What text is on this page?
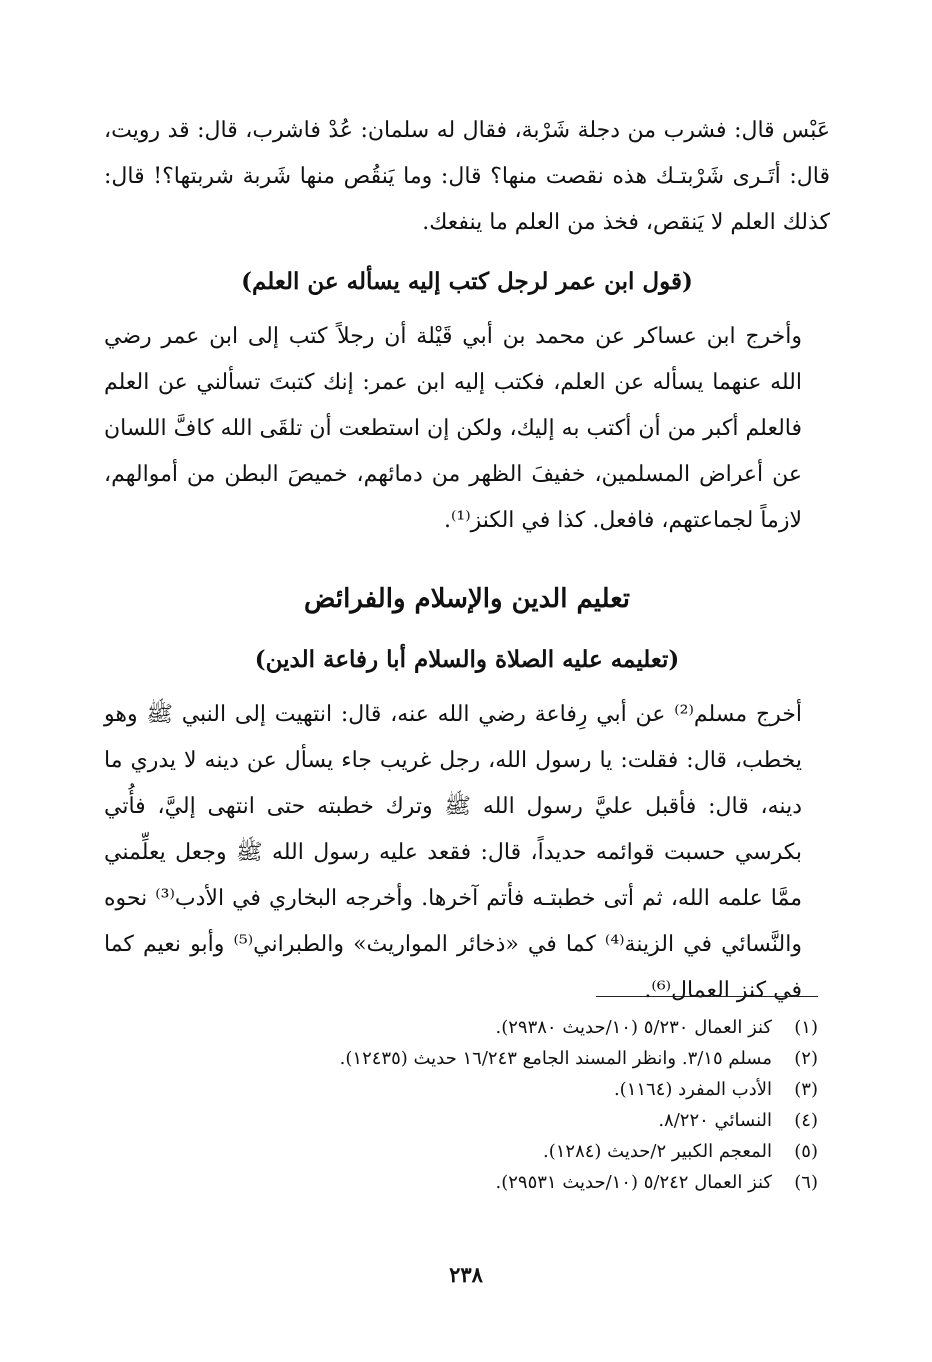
عَبْس قال: فشرب من دجلة شَرْبة، فقال له سلمان: عُدْ فاشرب، قال: قد رويت، قال: أتَـرى شَرْبتـك هذه نقصت منها؟ قال: وما يَنقُص منها شَربة شربتها؟! قال: كذلك العلم لا يَنقص، فخذ من العلم ما ينفعك.

(قول ابن عمر لرجل كتب إليه يسأله عن العلم)

وأخرج ابن عساكر عن محمد بن أبي قَيْلة أن رجلاً كتب إلى ابن عمر رضي الله عنهما يسأله عن العلم، فكتب إليه ابن عمر: إنك كتبتَ تسألني عن العلم فالعلم أكبر من أن أكتب به إليك، ولكن إن استطعت أن تلقَى الله كافَّ اللسان عن أعراض المسلمين، خفيفَ الظهر من دمائهم، خميصَ البطن من أموالهم، لازماً لجماعتهم، فافعل. كذا في الكنز⁽¹⁾.

تعليم الدين والإسلام والفرائض
(تعليمه عليه الصلاة والسلام أبا رفاعة الدين)

أخرج مسلم⁽²⁾ عن أبي رِفاعة رضي الله عنه، قال: انتهيت إلى النبي ﷺ وهو يخطب، قال: فقلت: يا رسول الله، رجل غريب جاء يسأل عن دينه لا يدري ما دينه، قال: فأقبل عليَّ رسول الله ﷺ وترك خطبته حتى انتهى إليَّ، فأُتي بكرسي حسبت قوائمه حديداً، قال: فقعد عليه رسول الله ﷺ وجعل يعلِّمني ممَّا علمه الله، ثم أتى خطبتـه فأتم آخرها. وأخرجه البخاري في الأدب⁽³⁾ نحوه والنَّسائي في الزينة⁽⁴⁾ كما في «ذخائر المواريث» والطبراني⁽⁵⁾ وأبو نعيم كما في كنز العمال⁽⁶⁾.

(١)
كنز العمال ٥/٢٣٠ (١٠/حديث ٢٩٣٨٠).
(٢)
مسلم ٣/١٥. وانظر المسند الجامع ١٦/٢٤٣ حديث (١٢٤٣٥).
(٣)
الأدب المفرد (١١٦٤).
(٤)
النسائي ٨/٢٢٠.
(٥)
المعجم الكبير ٢/حديث (١٢٨٤).
(٦)
كنز العمال ٥/٢٤٢ (١٠/حديث ٢٩٥٣١).
٢٣٨
